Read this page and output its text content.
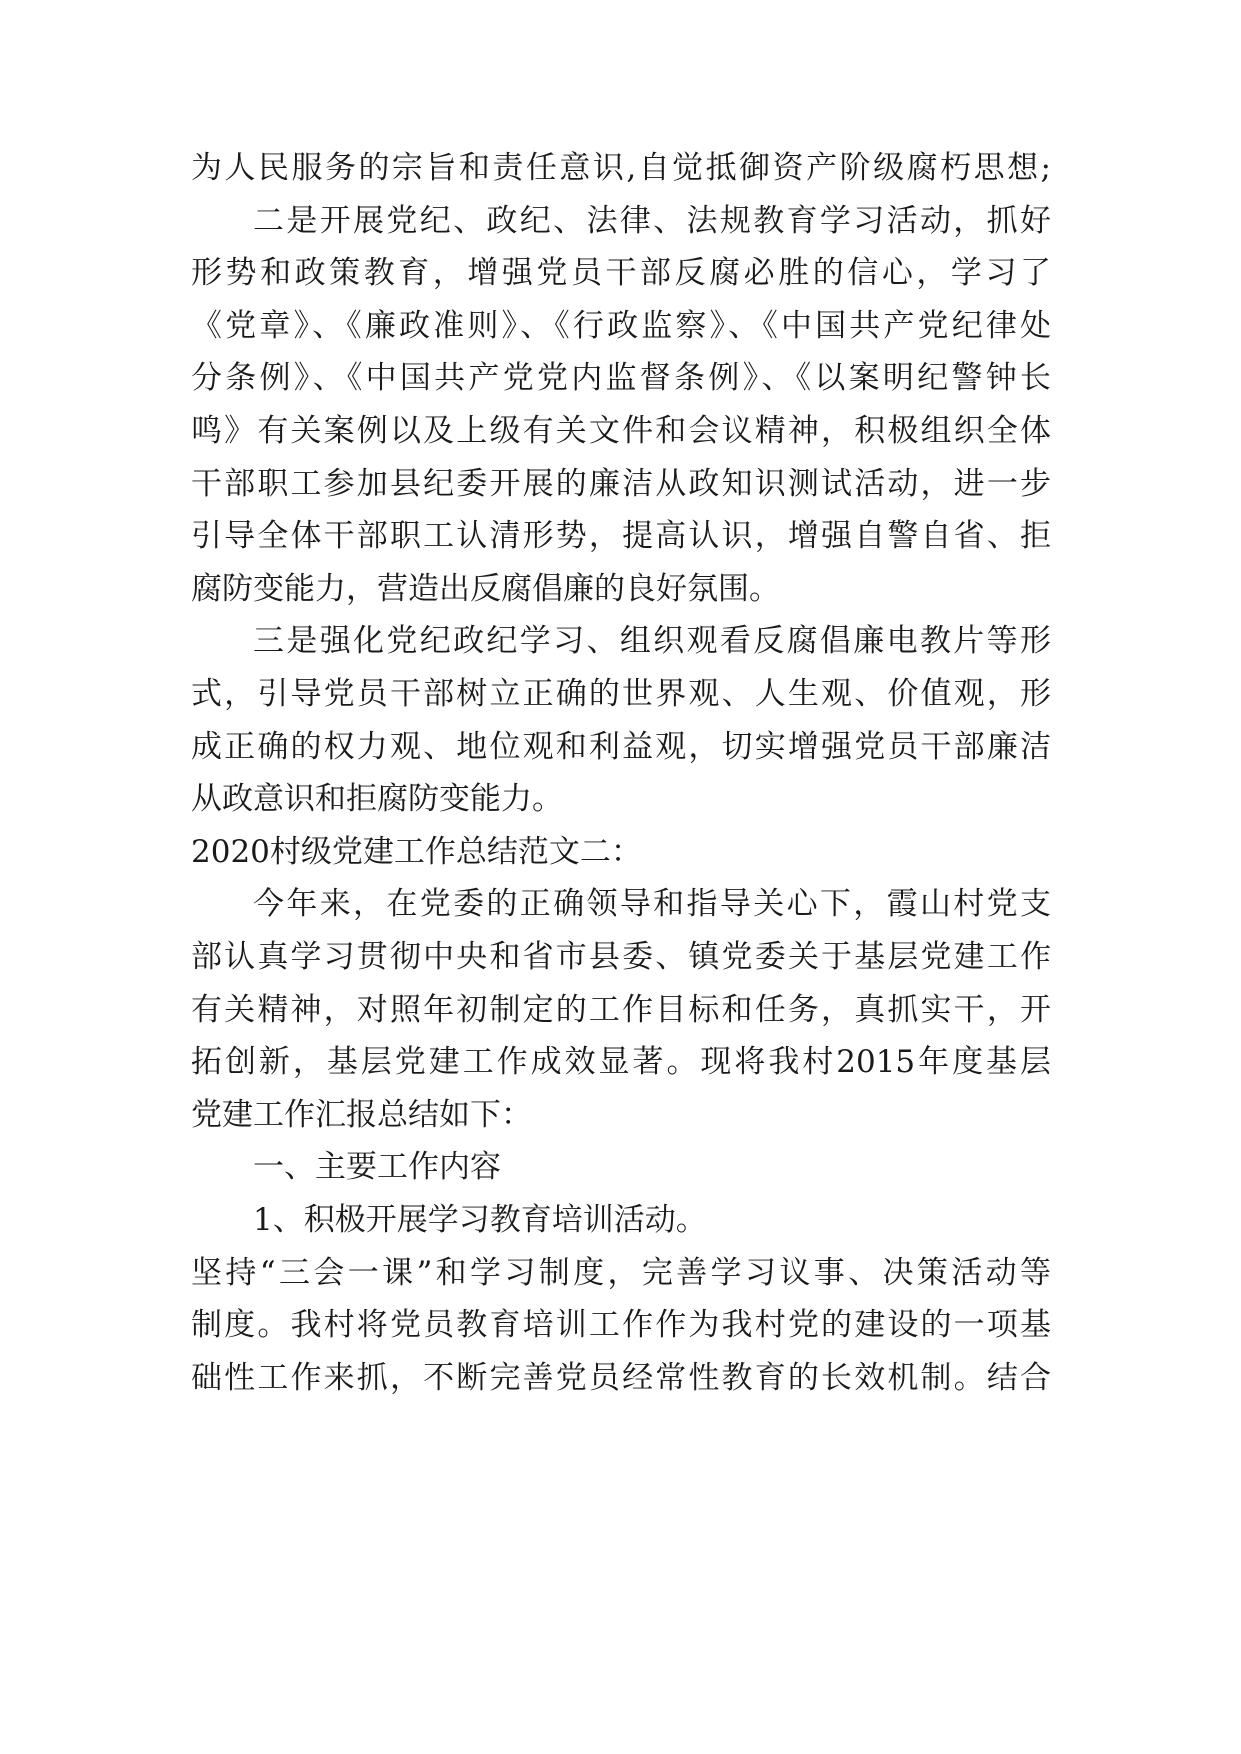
为人民服务的宗旨和责任意识,自觉抵御资产阶级腐朽思想;
二是开展党纪、政纪、法律、法规教育学习活动，抓好
形势和政策教育，增强党员干部反腐必胜的信心，学习了
《党章》、《廉政准则》、《行政监察》、《中国共产党纪律处
分条例》、《中国共产党党内监督条例》、《以案明纪警钟长
鸣》有关案例以及上级有关文件和会议精神，积极组织全体
干部职工参加县纪委开展的廉洁从政知识测试活动，进一步
引导全体干部职工认清形势，提高认识，增强自警自省、拒
腐防变能力，营造出反腐倡廉的良好氛围。
三是强化党纪政纪学习、组织观看反腐倡廉电教片等形
式，引导党员干部树立正确的世界观、人生观、价值观，形
成正确的权力观、地位观和利益观，切实增强党员干部廉洁
从政意识和拒腐防变能力。
2020村级党建工作总结范文二：
今年来，在党委的正确领导和指导关心下，霞山村党支
部认真学习贯彻中央和省市县委、镇党委关于基层党建工作
有关精神，对照年初制定的工作目标和任务，真抓实干，开
拓创新，基层党建工作成效显著。现将我村2015年度基层
党建工作汇报总结如下：
一、主要工作内容
1、积极开展学习教育培训活动。
坚持“三会一课”和学习制度，完善学习议事、决策活动等
制度。我村将党员教育培训工作作为我村党的建设的一项基
础性工作来抓，不断完善党员经常性教育的长效机制。结合
